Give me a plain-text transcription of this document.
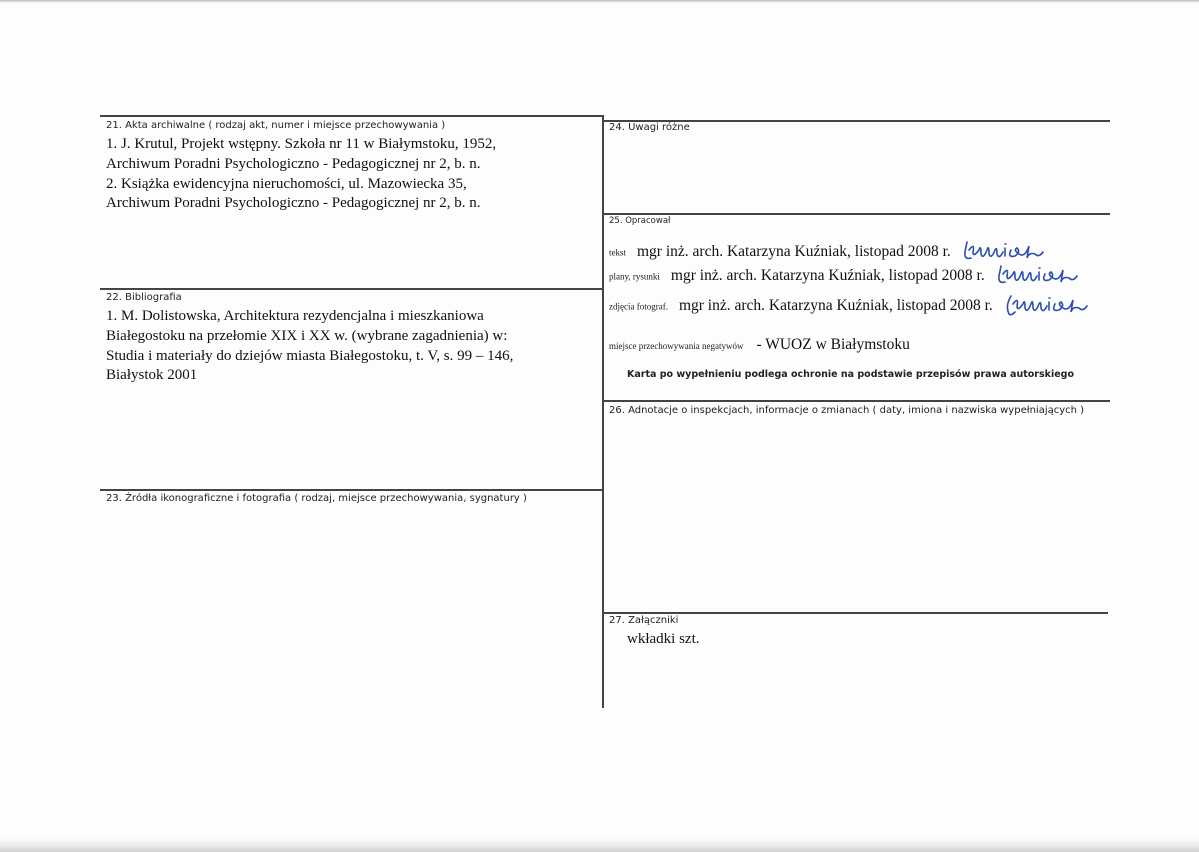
21. Akta archiwalne ( rodzaj akt, numer i miejsce przechowywania )
1. J. Krutul, Projekt wstępny. Szkoła nr 11 w Białymstoku, 1952,
Archiwum Poradni Psychologiczno - Pedagogicznej nr 2, b. n.
2. Książka ewidencyjna nieruchomości, ul. Mazowiecka 35,
Archiwum Poradni Psychologiczno - Pedagogicznej nr 2, b. n.
22. Bibliografia
1. M. Dolistowska, Architektura rezydencjalna i mieszkaniowa
Białegostoku na przełomie XIX i XX w. (wybrane zagadnienia) w:
Studia i materiały do dziejów miasta Białegostoku, t. V, s. 99 – 146,
Białystok 2001
23. Źródła ikonograficzne i fotografia ( rodzaj, miejsce przechowywania, sygnatury )
24. Uwagi różne
25. Opracował
tekst mgr inż. arch. Katarzyna Kuźniak, listopad 2008 r.
plany, rysunki mgr inż. arch. Katarzyna Kuźniak, listopad 2008 r.
zdjęcia fotograf. mgr inż. arch. Katarzyna Kuźniak, listopad 2008 r.
miejsce przechowywania negatywów - WUOZ w Białymstoku
Karta po wypełnieniu podlega ochronie na podstawie przepisów prawa autorskiego
26. Adnotacje o inspekcjach, informacje o zmianach ( daty, imiona i nazwiska wypełniających )
27. Załączniki
wkładki szt.
